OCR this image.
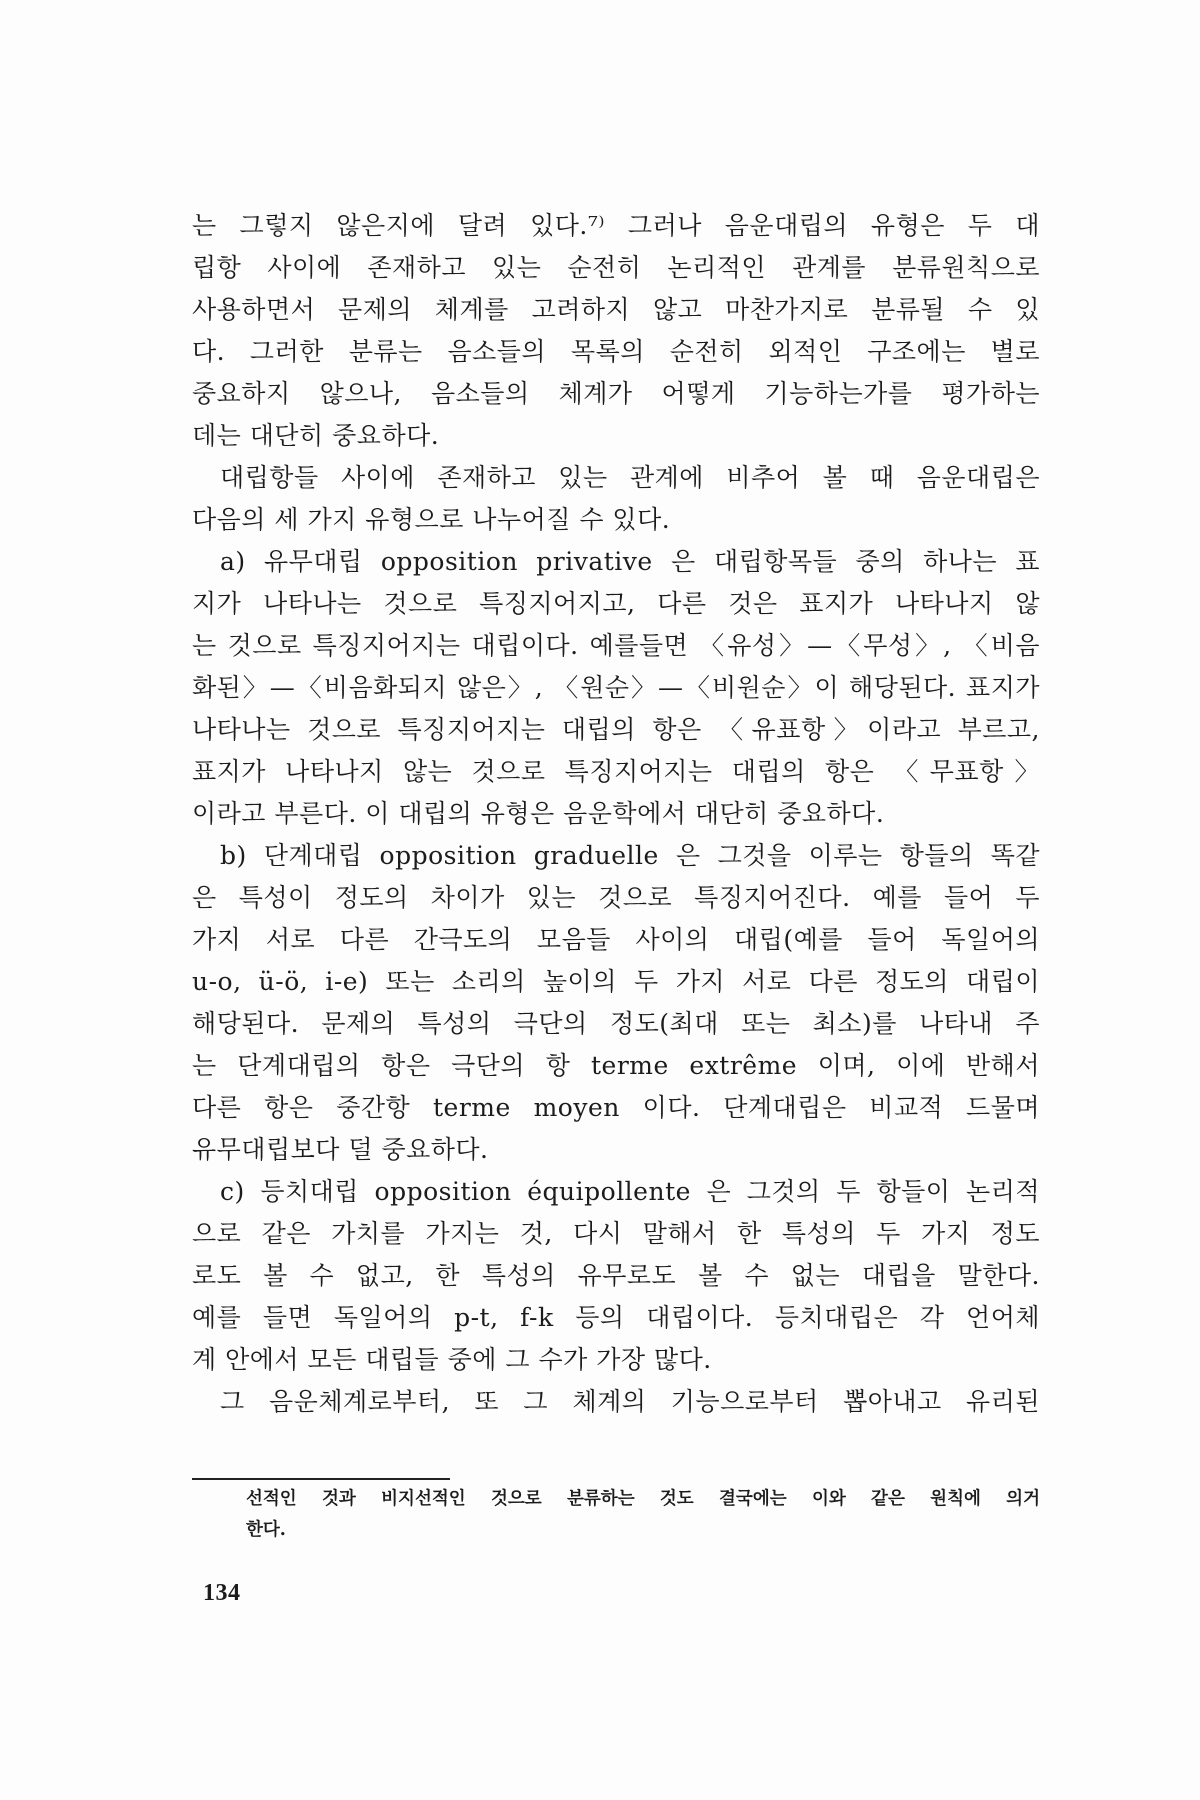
는 그렇지 않은지에 달려 있다.⁷⁾ 그러나 음운대립의 유형은 두 대
립항 사이에 존재하고 있는 순전히 논리적인 관계를 분류원칙으로
사용하면서 문제의 체계를 고려하지 않고 마찬가지로 분류될 수 있
다. 그러한 분류는 음소들의 목록의 순전히 외적인 구조에는 별로
중요하지 않으나, 음소들의 체계가 어떻게 기능하는가를 평가하는
데는 대단히 중요하다.
대립항들 사이에 존재하고 있는 관계에 비추어 볼 때 음운대립은
다음의 세 가지 유형으로 나누어질 수 있다.
a) 유무대립 opposition privative 은 대립항목들 중의 하나는 표
지가 나타나는 것으로 특징지어지고, 다른 것은 표지가 나타나지 않
는 것으로 특징지어지는 대립이다. 예를들면 〈유성〉—〈무성〉, 〈비음
화된〉—〈비음화되지 않은〉, 〈원순〉—〈비원순〉이 해당된다. 표지가
나타나는 것으로 특징지어지는 대립의 항은 〈유표항〉이라고 부르고,
표지가 나타나지 않는 것으로 특징지어지는 대립의 항은 〈무표항〉
이라고 부른다. 이 대립의 유형은 음운학에서 대단히 중요하다.
b) 단계대립 opposition graduelle 은 그것을 이루는 항들의 똑같
은 특성이 정도의 차이가 있는 것으로 특징지어진다. 예를 들어 두
가지 서로 다른 간극도의 모음들 사이의 대립(예를 들어 독일어의
u-o, ü-ö, i-e) 또는 소리의 높이의 두 가지 서로 다른 정도의 대립이
해당된다. 문제의 특성의 극단의 정도(최대 또는 최소)를 나타내 주
는 단계대립의 항은 극단의 항 terme extrême 이며, 이에 반해서
다른 항은 중간항 terme moyen 이다. 단계대립은 비교적 드물며
유무대립보다 덜 중요하다.
c) 등치대립 opposition équipollente 은 그것의 두 항들이 논리적
으로 같은 가치를 가지는 것, 다시 말해서 한 특성의 두 가지 정도
로도 볼 수 없고, 한 특성의 유무로도 볼 수 없는 대립을 말한다.
예를 들면 독일어의 p-t, f-k 등의 대립이다. 등치대립은 각 언어체
계 안에서 모든 대립들 중에 그 수가 가장 많다.
그 음운체계로부터, 또 그 체계의 기능으로부터 뽑아내고 유리된
선적인 것과 비지선적인 것으로 분류하는 것도 결국에는 이와 같은 원칙에 의거
한다.
134
